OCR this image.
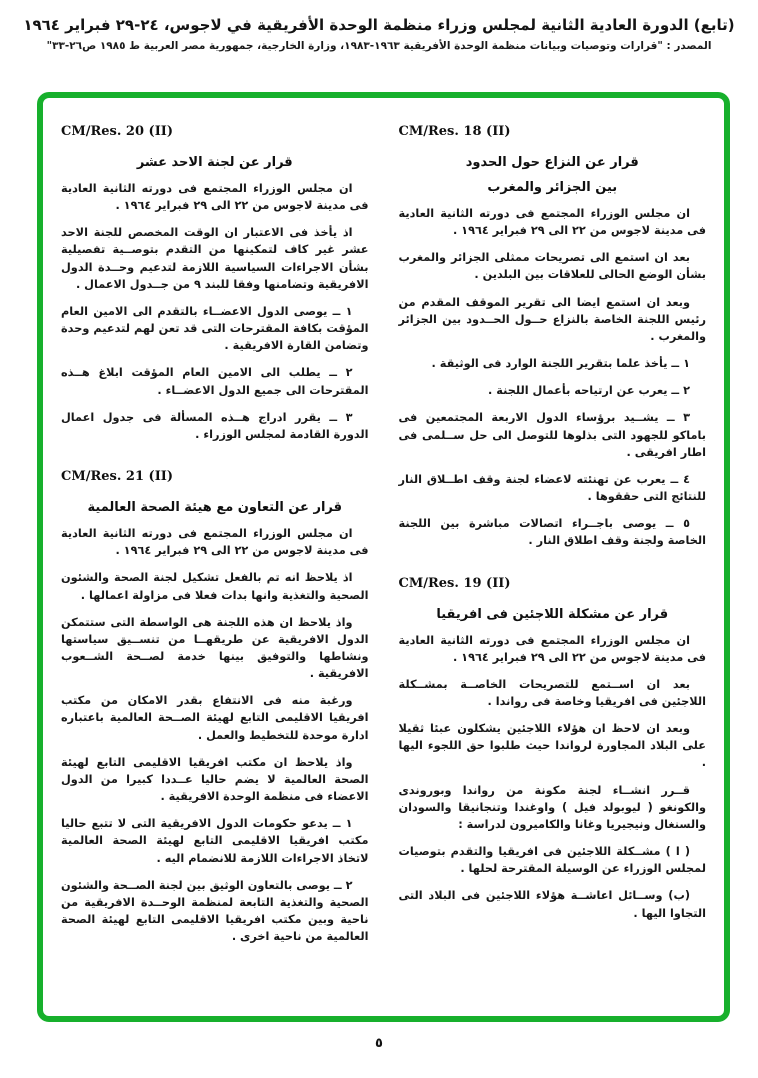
(تابع) الدورة العادية الثانية لمجلس وزراء منظمة الوحدة الأفريقية في لاجوس، ٢٤-٢٩ فبراير ١٩٦٤
المصدر : "قرارات وتوصيات وبيانات منظمة الوحدة الأفريقية ١٩٦٣-١٩٨٣، وزارة الخارجية، جمهورية مصر العربية ط ١٩٨٥ ص٢٦-٣٣"
CM/Res. 18 (II)
قرار عن النزاع حول الحدود
بين الجزائر والمغرب

ان مجلس الوزراء المجتمع فى دورته الثانية العادية فى مدينة لاجوس من ٢٢ الى ٢٩ فبراير ١٩٦٤ .

بعد ان استمع الى تصريحات ممثلى الجزائر والمغرب بشأن الوضع الحالى للعلاقات بين البلدين .

وبعد ان استمع ايضا الى تقرير الموقف المقدم من رئيس اللجنة الخاصة بالنزاع حــول الحــدود بين الجزائر والمغرب .

١ ــ يأخذ علما بتقرير اللجنة الوارد فى الوثيقة .

٢ ــ يعرب عن ارتياحه بأعمال اللجنة .

٣ ــ يشــيد برؤساء الدول الاربعة المجتمعين فى باماكو للجهود التى بذلوها للتوصل الى حل ســلمى فى اطار افريقى .

٤ ــ يعرب عن تهنئته لاعضاء لجنة وقف اطــلاق النار للنتائج التى حققوها .

٥ ــ يوصى باجــراء اتصالات مباشرة بين اللجنة الخاصة ولجنة وقف اطلاق النار .

CM/Res. 19 (II)
قرار عن مشكلة اللاجئين فى افريقيا

ان مجلس الوزراء المجتمع فى دورته الثانية العادية فى مدينة لاجوس من ٢٢ الى ٢٩ فبراير ١٩٦٤ .

بعد ان اســتمع للتصريحات الخاصــة بمشــكلة اللاجئين فى افريقيا وخاصة فى رواندا .

وبعد ان لاحظ ان هؤلاء اللاجئين يشكلون عبئا ثقيلا على البلاد المجاورة لرواندا حيث طلبوا حق اللجوء اليها .

قــرر انشــاء لجنة مكونة من رواندا وبوروندى والكونغو ( ليوبولد فيل ) واوغندا وتنجانيقا والسودان والسنغال ونيجيريا وغانا والكاميرون لدراسة :

( ا ) مشــكلة اللاجئين فى افريقيا والتقدم بتوصيات لمجلس الوزراء عن الوسيلة المقترحة لحلها .

(ب) وســائل اعاشــة هؤلاء اللاجئين فى البلاد التى التجاوا اليها .

CM/Res. 20 (II)
قرار عن لجنة الاحد عشر

ان مجلس الوزراء المجتمع فى دورته الثانية العادية فى مدينة لاجوس من ٢٢ الى ٢٩ فبراير ١٩٦٤ .

اذ يأخذ فى الاعتبار ان الوقت المخصص للجنة الاحد عشر غير كاف لتمكينها من التقدم بتوصــية تفصيلية بشأن الاجراءات السياسية اللازمة لتدعيم وحــدة الدول الافريقية وتضامنها وفقا للبند ٩ من جــدول الاعمال .

١ ــ يوصى الدول الاعضــاء بالتقدم الى الامين العام المؤقت بكافة المقترحات التى قد تعن لهم لتدعيم وحدة وتضامن القارة الافريقية .

٢ ــ يطلب الى الامين العام المؤقت ابلاغ هــذه المقترحات الى جميع الدول الاعضــاء .

٣ ــ يقرر ادراج هــذه المسألة فى جدول اعمال الدورة القادمة لمجلس الوزراء .

CM/Res. 21 (II)
قرار عن التعاون مع هيئة الصحة العالمية

ان مجلس الوزراء المجتمع فى دورته الثانية العادية فى مدينة لاجوس من ٢٢ الى ٢٩ فبراير ١٩٦٤ .

اذ يلاحظ انه تم بالفعل تشكيل لجنة الصحة والشئون الصحية والتغذية وانها بدات فعلا فى مزاولة اعمالها .

واذ يلاحظ ان هذه اللجنة هى الواسطة التى ستتمكن الدول الافريقية عن طريقهــا من تنســيق سياستها ونشاطها والتوفيق بينها خدمة لصــحة الشــعوب الافريقية .

ورغبة منه فى الانتفاع بقدر الامكان من مكتب افريقيا الاقليمى التابع لهيئة الصــحة العالمية باعتباره ادارة موحدة للتخطيط والعمل .

واذ يلاحظ ان مكتب افريقيا الاقليمى التابع لهيئة الصحة العالمية لا يضم حاليا عــددا كبيرا من الدول الاعضاء فى منظمة الوحدة الافريقية .

١ ــ يدعو حكومات الدول الافريقية التى لا تتبع حاليا مكتب افريقيا الاقليمى التابع لهيئة الصحة العالمية لاتخاذ الاجراءات اللازمة للانضمام اليه .

٢ ــ يوصى بالتعاون الوثيق بين لجنة الصــحة والشئون الصحية والتغذية التابعة لمنظمة الوحــدة الافريقية من ناحية وبين مكتب افريقيا الاقليمى التابع لهيئة الصحة العالمية من ناحية اخرى .

٥
